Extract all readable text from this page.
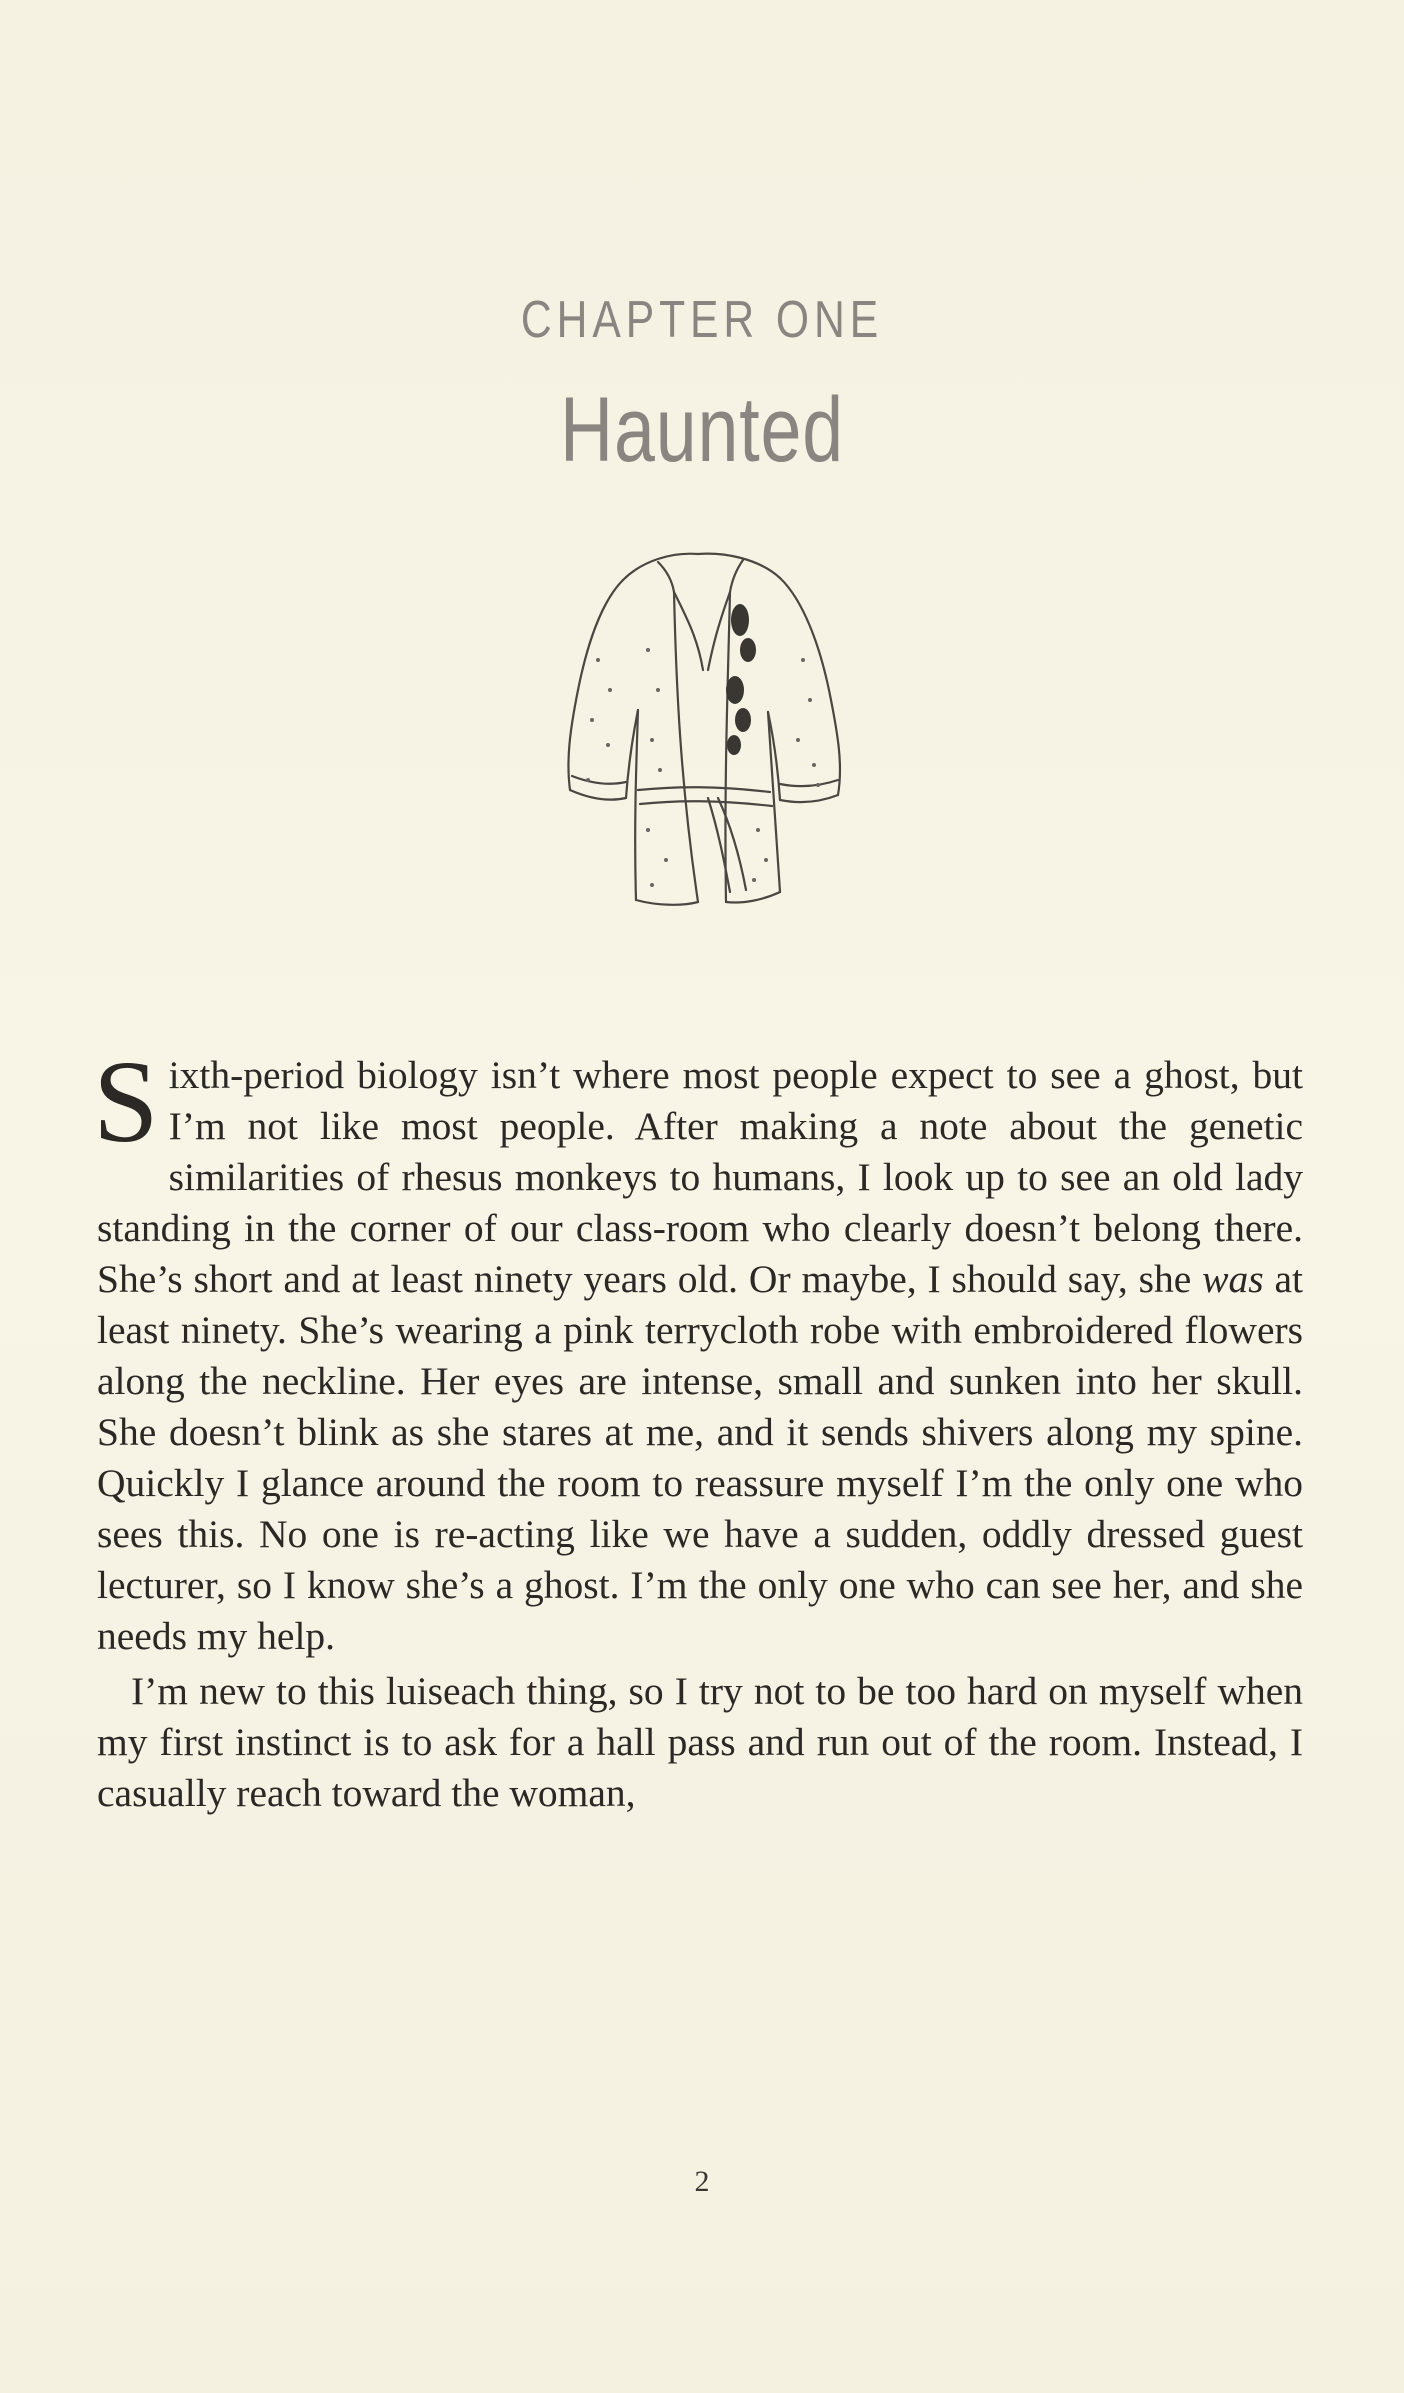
CHAPTER ONE
Haunted

Sixth-period biology isn’t where most people expect to see a ghost, but I’m not like most people. After making a note about the genetic similarities of rhesus monkeys to humans, I look up to see an old lady standing in the corner of our class-room who clearly doesn’t belong there. She’s short and at least ninety years old. Or maybe, I should say, she was at least ninety. She’s wearing a pink terrycloth robe with embroidered flowers along the neckline. Her eyes are intense, small and sunken into her skull. She doesn’t blink as she stares at me, and it sends shivers along my spine. Quickly I glance around the room to reassure myself I’m the only one who sees this. No one is re-acting like we have a sudden, oddly dressed guest lecturer, so I know she’s a ghost. I’m the only one who can see her, and she needs my help.

I’m new to this luiseach thing, so I try not to be too hard on myself when my first instinct is to ask for a hall pass and run out of the room. Instead, I casually reach toward the woman,

2
